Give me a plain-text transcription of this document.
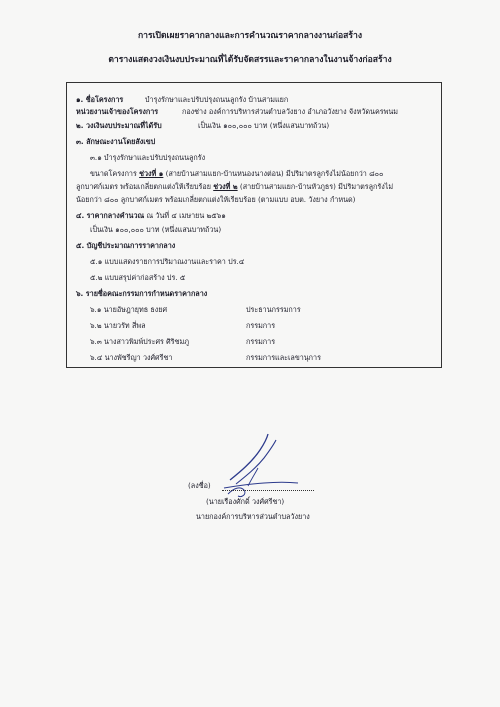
การเปิดเผยราคากลางและการคำนวณราคากลางงานก่อสร้าง
ตารางแสดงวงเงินงบประมาณที่ได้รับจัดสรรและราคากลางในงานจ้างก่อสร้าง
๑. ชื่อโครงการ	บำรุงรักษาและปรับปรุงถนนลูกรัง บ้านสามแยก
หน่วยงานเจ้าของโครงการ	กองช่าง องค์การบริหารส่วนตำบลวังยาง อำเภอวังยาง จังหวัดนครพนม
๒. วงเงินงบประมาณที่ได้รับ	เป็นเงิน ๑๐๐,๐๐๐ บาท (หนึ่งแสนบาทถ้วน)
๓. ลักษณะงานโดยสังเขป
๓.๑ บำรุงรักษาและปรับปรุงถนนลูกรัง
ขนาดโครงการ ช่วงที่ ๑ (สายบ้านสามแยก-บ้านหนองนางต่อน) มีปริมาตรลูกรังไม่น้อยกว่า ๘๐๐
ลูกบาศก์เมตร พร้อมเกลี่ยตกแต่งให้เรียบร้อย ช่วงที่ ๒ (สายบ้านสามแยก-บ้านหัวภูธร) มีปริมาตรลูกรังไม่
น้อยกว่า ๘๐๐ ลูกบาศก์เมตร พร้อมเกลี่ยตกแต่งให้เรียบร้อย (ตามแบบ อบต. วังยาง กำหนด)
๔. ราคากลางคำนวณ ณ วันที่ ๔ เมษายน ๒๕๖๑
เป็นเงิน ๑๐๐,๐๐๐ บาท (หนึ่งแสนบาทถ้วน)
๕. บัญชีประมาณการราคากลาง
๕.๑ แบบแสดงรายการปริมาณงานและราคา ปร.๔
๕.๒ แบบสรุปค่าก่อสร้าง ปร. ๕
๖. รายชื่อคณะกรรมการกำหนดราคากลาง
๖.๑ นายอัษฎายุทธ ธงยศ	ประธานกรรมการ
๖.๒ นายวรัท สี่พล	กรรมการ
๖.๓ นางสาวพิมพ์ประศร ศิริชมภู	กรรมการ
๖.๔ นางพัชรีญา วงศ์ศรีชา	กรรมการและเลขานุการ
(ลงชื่อ)
(นายเรืองศักดิ์ วงศ์ศรีชา)
นายกองค์การบริหารส่วนตำบลวังยาง
